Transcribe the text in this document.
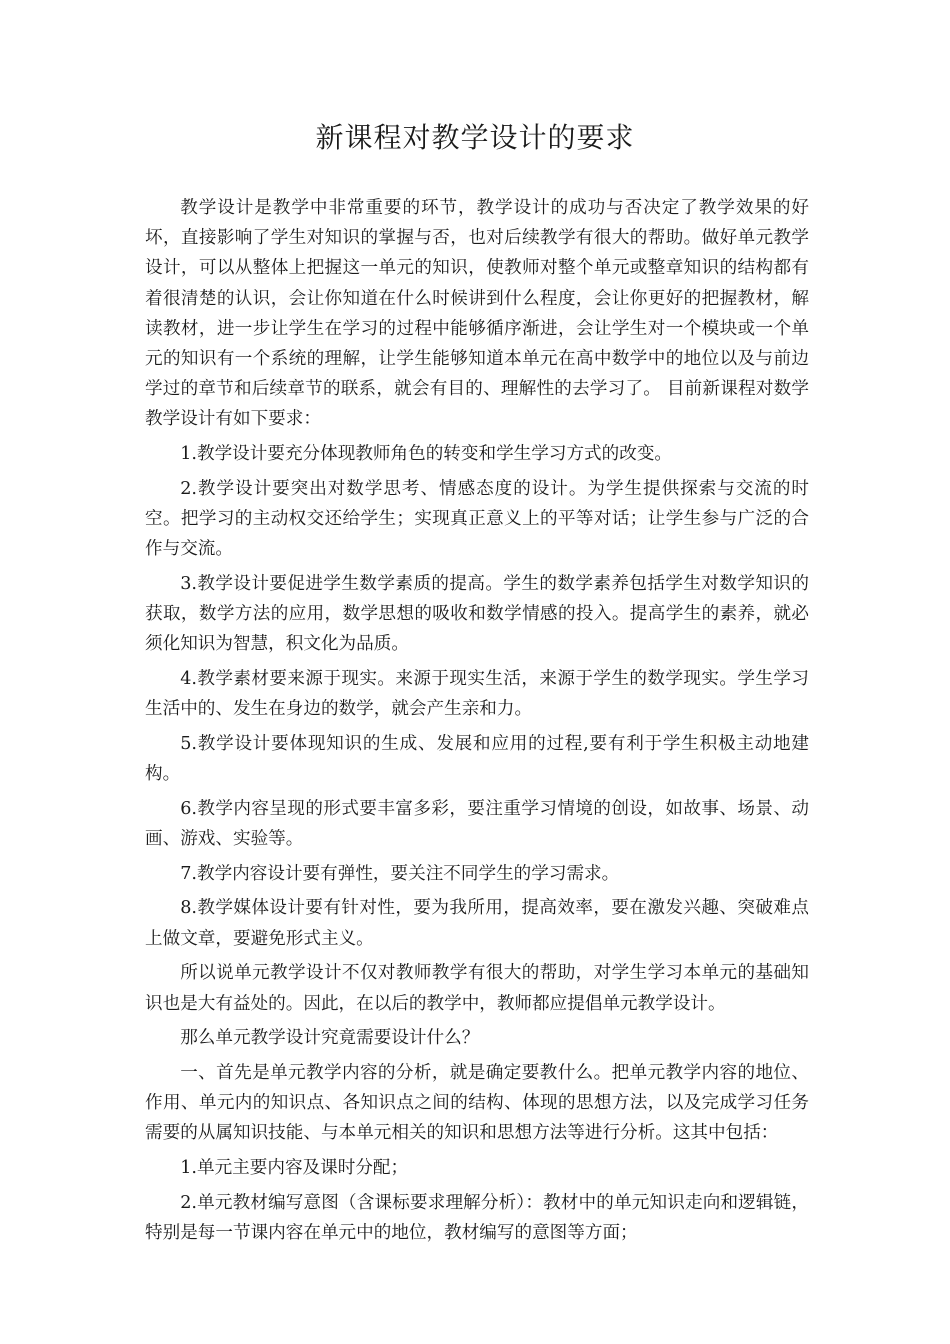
新课程对教学设计的要求

教学设计是教学中非常重要的环节，教学设计的成功与否决定了教学效果的好坏，直接影响了学生对知识的掌握与否，也对后续教学有很大的帮助。做好单元教学设计，可以从整体上把握这一单元的知识，使教师对整个单元或整章知识的结构都有着很清楚的认识，会让你知道在什么时候讲到什么程度，会让你更好的把握教材，解读教材，进一步让学生在学习的过程中能够循序渐进，会让学生对一个模块或一个单元的知识有一个系统的理解，让学生能够知道本单元在高中数学中的地位以及与前边学过的章节和后续章节的联系，就会有目的、理解性的去学习了。 目前新课程对数学教学设计有如下要求：

1.教学设计要充分体现教师角色的转变和学生学习方式的改变。

2.教学设计要突出对数学思考、情感态度的设计。为学生提供探索与交流的时空。把学习的主动权交还给学生；实现真正意义上的平等对话；让学生参与广泛的合作与交流。

3.教学设计要促进学生数学素质的提高。学生的数学素养包括学生对数学知识的获取，数学方法的应用，数学思想的吸收和数学情感的投入。提高学生的素养，就必须化知识为智慧，积文化为品质。

4.教学素材要来源于现实。来源于现实生活，来源于学生的数学现实。学生学习生活中的、发生在身边的数学，就会产生亲和力。

5.教学设计要体现知识的生成、发展和应用的过程,要有利于学生积极主动地建构。

6.教学内容呈现的形式要丰富多彩，要注重学习情境的创设，如故事、场景、动画、游戏、实验等。

7.教学内容设计要有弹性，要关注不同学生的学习需求。

8.教学媒体设计要有针对性，要为我所用，提高效率，要在激发兴趣、突破难点上做文章，要避免形式主义。

所以说单元教学设计不仅对教师教学有很大的帮助，对学生学习本单元的基础知识也是大有益处的。因此，在以后的教学中，教师都应提倡单元教学设计。

那么单元教学设计究竟需要设计什么？

一、首先是单元教学内容的分析，就是确定要教什么。把单元教学内容的地位、作用、单元内的知识点、各知识点之间的结构、体现的思想方法，以及完成学习任务需要的从属知识技能、与本单元相关的知识和思想方法等进行分析。这其中包括：

1.单元主要内容及课时分配；

2.单元教材编写意图（含课标要求理解分析）：教材中的单元知识走向和逻辑链，特别是每一节课内容在单元中的地位，教材编写的意图等方面；
